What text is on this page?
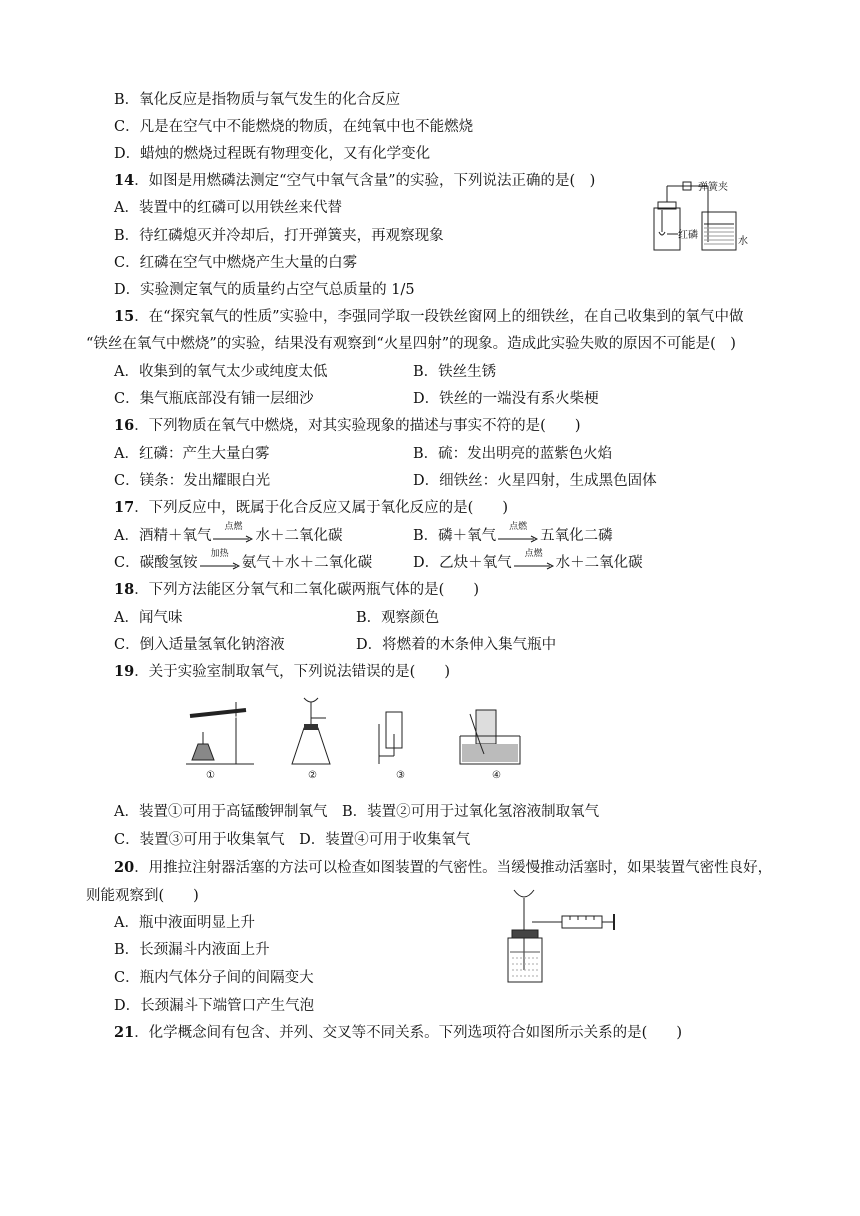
B．氧化反应是指物质与氧气发生的化合反应
C．凡是在空气中不能燃烧的物质，在纯氧中也不能燃烧
D．蜡烛的燃烧过程既有物理变化，又有化学变化
14．如图是用燃磷法测定“空气中氧气含量”的实验，下列说法正确的是(　)
A．装置中的红磷可以用铁丝来代替
B．待红磷熄灭并冷却后，打开弹簧夹，再观察现象
C．红磷在空气中燃烧产生大量的白雾
D．实验测定氧气的质量约占空气总质量的 1/5
弹簧夹
红磷
水
15．在“探究氧气的性质”实验中，李强同学取一段铁丝窗网上的细铁丝，在自己收集到的氧气中做
“铁丝在氧气中燃烧”的实验，结果没有观察到“火星四射”的现象。造成此实验失败的原因不可能是(　)
A．收集到的氧气太少或纯度太低	B．铁丝生锈
C．集气瓶底部没有铺一层细沙	D．铁丝的一端没有系火柴梗
16．下列物质在氧气中燃烧，对其实验现象的描述与事实不符的是(　　)
A．红磷：产生大量白雾	B．硫：发出明亮的蓝紫色火焰
C．镁条：发出耀眼白光	D．细铁丝：火星四射，生成黑色固体
17．下列反应中，既属于化合反应又属于氧化反应的是(　　)
A．酒精＋氧气
点燃
水＋二氧化碳	B．磷＋氧气
点燃
五氧化二磷
C．碳酸氢铵
加热
氨气＋水＋二氧化碳	D．乙炔＋氧气
点燃
水＋二氧化碳
18．下列方法能区分氧气和二氧化碳两瓶气体的是(　　)
A．闻气味	B．观察颜色
C．倒入适量氢氧化钠溶液	D．将燃着的木条伸入集气瓶中
19．关于实验室制取氧气，下列说法错误的是(　　)
①	②	③	④
A．装置①可用于高锰酸钾制氧气　B．装置②可用于过氧化氢溶液制取氧气
C．装置③可用于收集氧气　D．装置④可用于收集氧气
20．用推拉注射器活塞的方法可以检查如图装置的气密性。当缓慢推动活塞时，如果装置气密性良好，
则能观察到(　　)
A．瓶中液面明显上升
B．长颈漏斗内液面上升
C．瓶内气体分子间的间隔变大
D．长颈漏斗下端管口产生气泡
21．化学概念间有包含、并列、交叉等不同关系。下列选项符合如图所示关系的是(　　)
